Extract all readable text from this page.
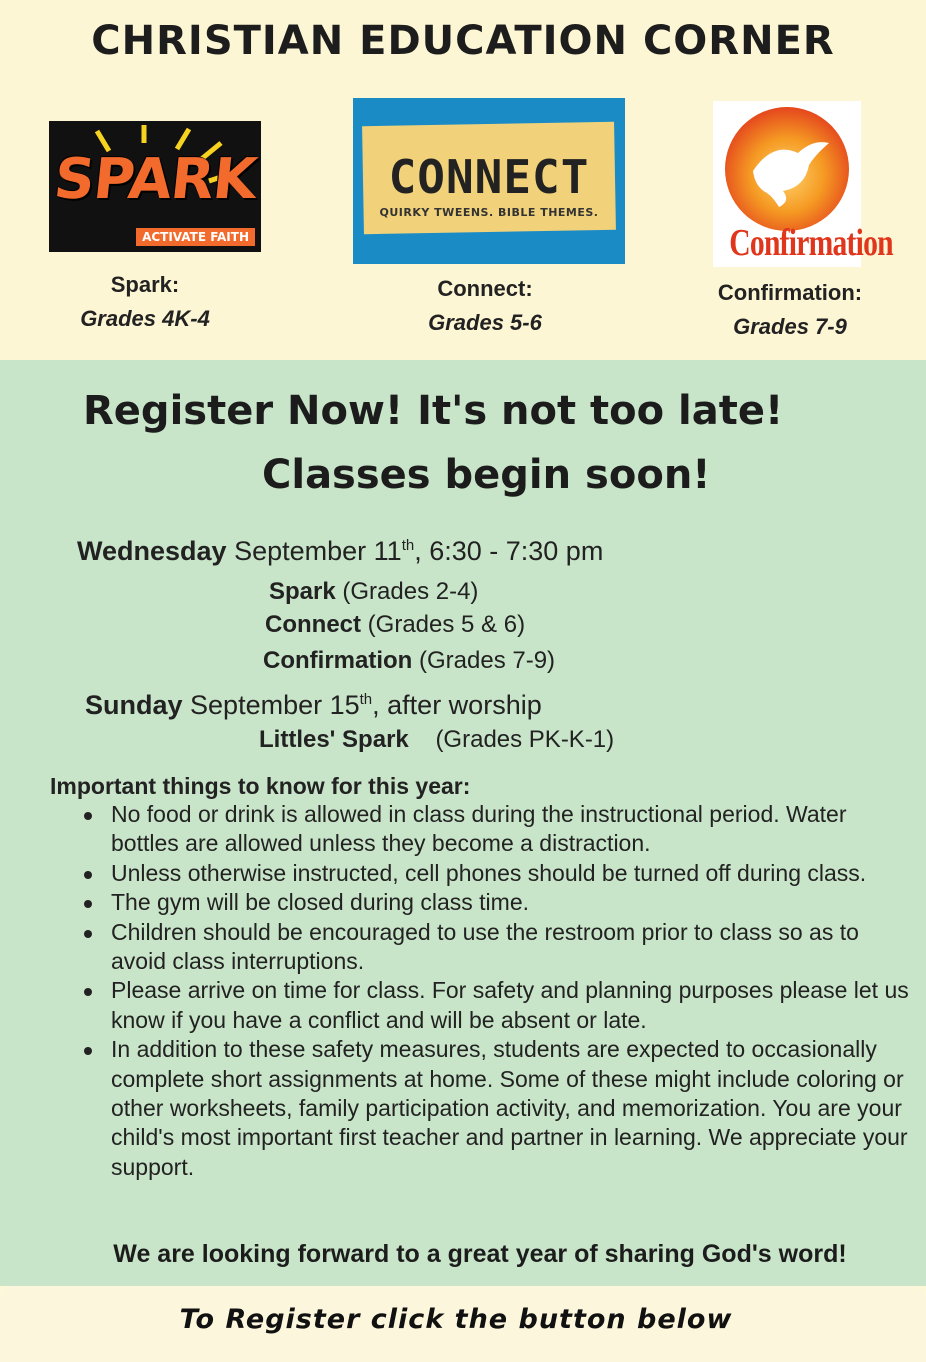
CHRISTIAN EDUCATION CORNER
SPARK
ACTIVATE FAITH
CONNECT
QUIRKY TWEENS. BIBLE THEMES.
Confirmation
Spark:
Grades 4K-4
Connect:
Grades 5-6
Confirmation:
Grades 7-9
Register Now! It's not too late!
Classes begin soon!
Wednesday September 11th, 6:30 - 7:30 pm
Spark (Grades 2-4)
Connect (Grades 5 & 6)
Confirmation (Grades 7-9)
Sunday September 15th, after worship
Littles' Spark (Grades PK-K-1)
Important things to know for this year:
No food or drink is allowed in class during the instructional period. Water bottles are allowed unless they become a distraction.
Unless otherwise instructed, cell phones should be turned off during class.
The gym will be closed during class time.
Children should be encouraged to use the restroom prior to class so as to avoid class interruptions.
Please arrive on time for class. For safety and planning purposes please let us know if you have a conflict and will be absent or late.
In addition to these safety measures, students are expected to occasionally complete short assignments at home. Some of these might include coloring or other worksheets, family participation activity, and memorization. You are your child's most important first teacher and partner in learning. We appreciate your support.
We are looking forward to a great year of sharing God's word!
To Register click the button below
